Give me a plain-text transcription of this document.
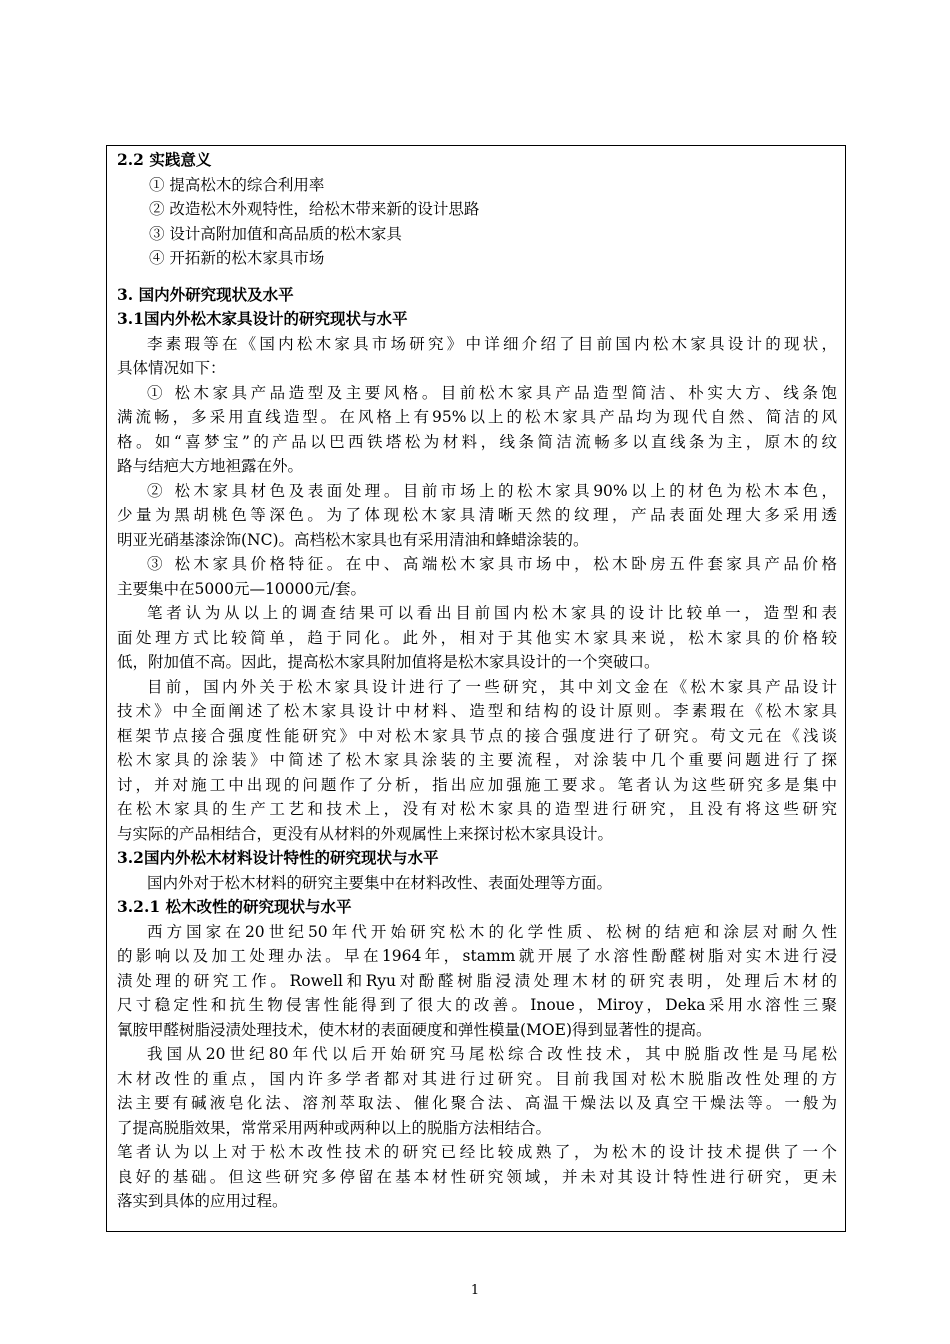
2.2 实践意义
① 提高松木的综合利用率
② 改造松木外观特性，给松木带来新的设计思路
③ 设计高附加值和高品质的松木家具
④ 开拓新的松木家具市场
3. 国内外研究现状及水平
3.1国内外松木家具设计的研究现状与水平
李素瑕等在《国内松木家具市场研究》中详细介绍了目前国内松木家具设计的现状，
具体情况如下：
① 松木家具产品造型及主要风格。目前松木家具产品造型简洁、朴实大方、线条饱
满流畅，多采用直线造型。在风格上有95%以上的松木家具产品均为现代自然、简洁的风
格。如“喜梦宝”的产品以巴西铁塔松为材料，线条简洁流畅多以直线条为主，原木的纹
路与结疤大方地袒露在外。
② 松木家具材色及表面处理。目前市场上的松木家具90%以上的材色为松木本色，
少量为黑胡桃色等深色。为了体现松木家具清晰天然的纹理，产品表面处理大多采用透
明亚光硝基漆涂饰(NC)。高档松木家具也有采用清油和蜂蜡涂装的。
③ 松木家具价格特征。在中、高端松木家具市场中，松木卧房五件套家具产品价格
主要集中在5000元—10000元/套。
笔者认为从以上的调查结果可以看出目前国内松木家具的设计比较单一，造型和表
面处理方式比较简单，趋于同化。此外，相对于其他实木家具来说，松木家具的价格较
低，附加值不高。因此，提高松木家具附加值将是松木家具设计的一个突破口。
目前，国内外关于松木家具设计进行了一些研究，其中刘文金在《松木家具产品设计
技术》中全面阐述了松木家具设计中材料、造型和结构的设计原则。李素瑕在《松木家具
框架节点接合强度性能研究》中对松木家具节点的接合强度进行了研究。苟文元在《浅谈
松木家具的涂装》中简述了松木家具涂装的主要流程，对涂装中几个重要问题进行了探
讨，并对施工中出现的问题作了分析，指出应加强施工要求。笔者认为这些研究多是集中
在松木家具的生产工艺和技术上，没有对松木家具的造型进行研究，且没有将这些研究
与实际的产品相结合，更没有从材料的外观属性上来探讨松木家具设计。
3.2国内外松木材料设计特性的研究现状与水平
国内外对于松木材料的研究主要集中在材料改性、表面处理等方面。
3.2.1 松木改性的研究现状与水平
西方国家在20世纪50年代开始研究松木的化学性质、松树的结疤和涂层对耐久性
的影响以及加工处理办法。早在1964年，stamm就开展了水溶性酚醛树脂对实木进行浸
渍处理的研究工作。Rowell和Ryu对酚醛树脂浸渍处理木材的研究表明，处理后木材的
尺寸稳定性和抗生物侵害性能得到了很大的改善。Inoue，Miroy，Deka采用水溶性三聚
氰胺甲醛树脂浸渍处理技术，使木材的表面硬度和弹性模量(MOE)得到显著性的提高。
我国从20世纪80年代以后开始研究马尾松综合改性技术，其中脱脂改性是马尾松
木材改性的重点，国内许多学者都对其进行过研究。目前我国对松木脱脂改性处理的方
法主要有碱液皂化法、溶剂萃取法、催化聚合法、高温干燥法以及真空干燥法等。一般为
了提高脱脂效果，常常采用两种或两种以上的脱脂方法相结合。
笔者认为以上对于松木改性技术的研究已经比较成熟了，为松木的设计技术提供了一个
良好的基础。但这些研究多停留在基本材性研究领域，并未对其设计特性进行研究，更未
落实到具体的应用过程。
1
